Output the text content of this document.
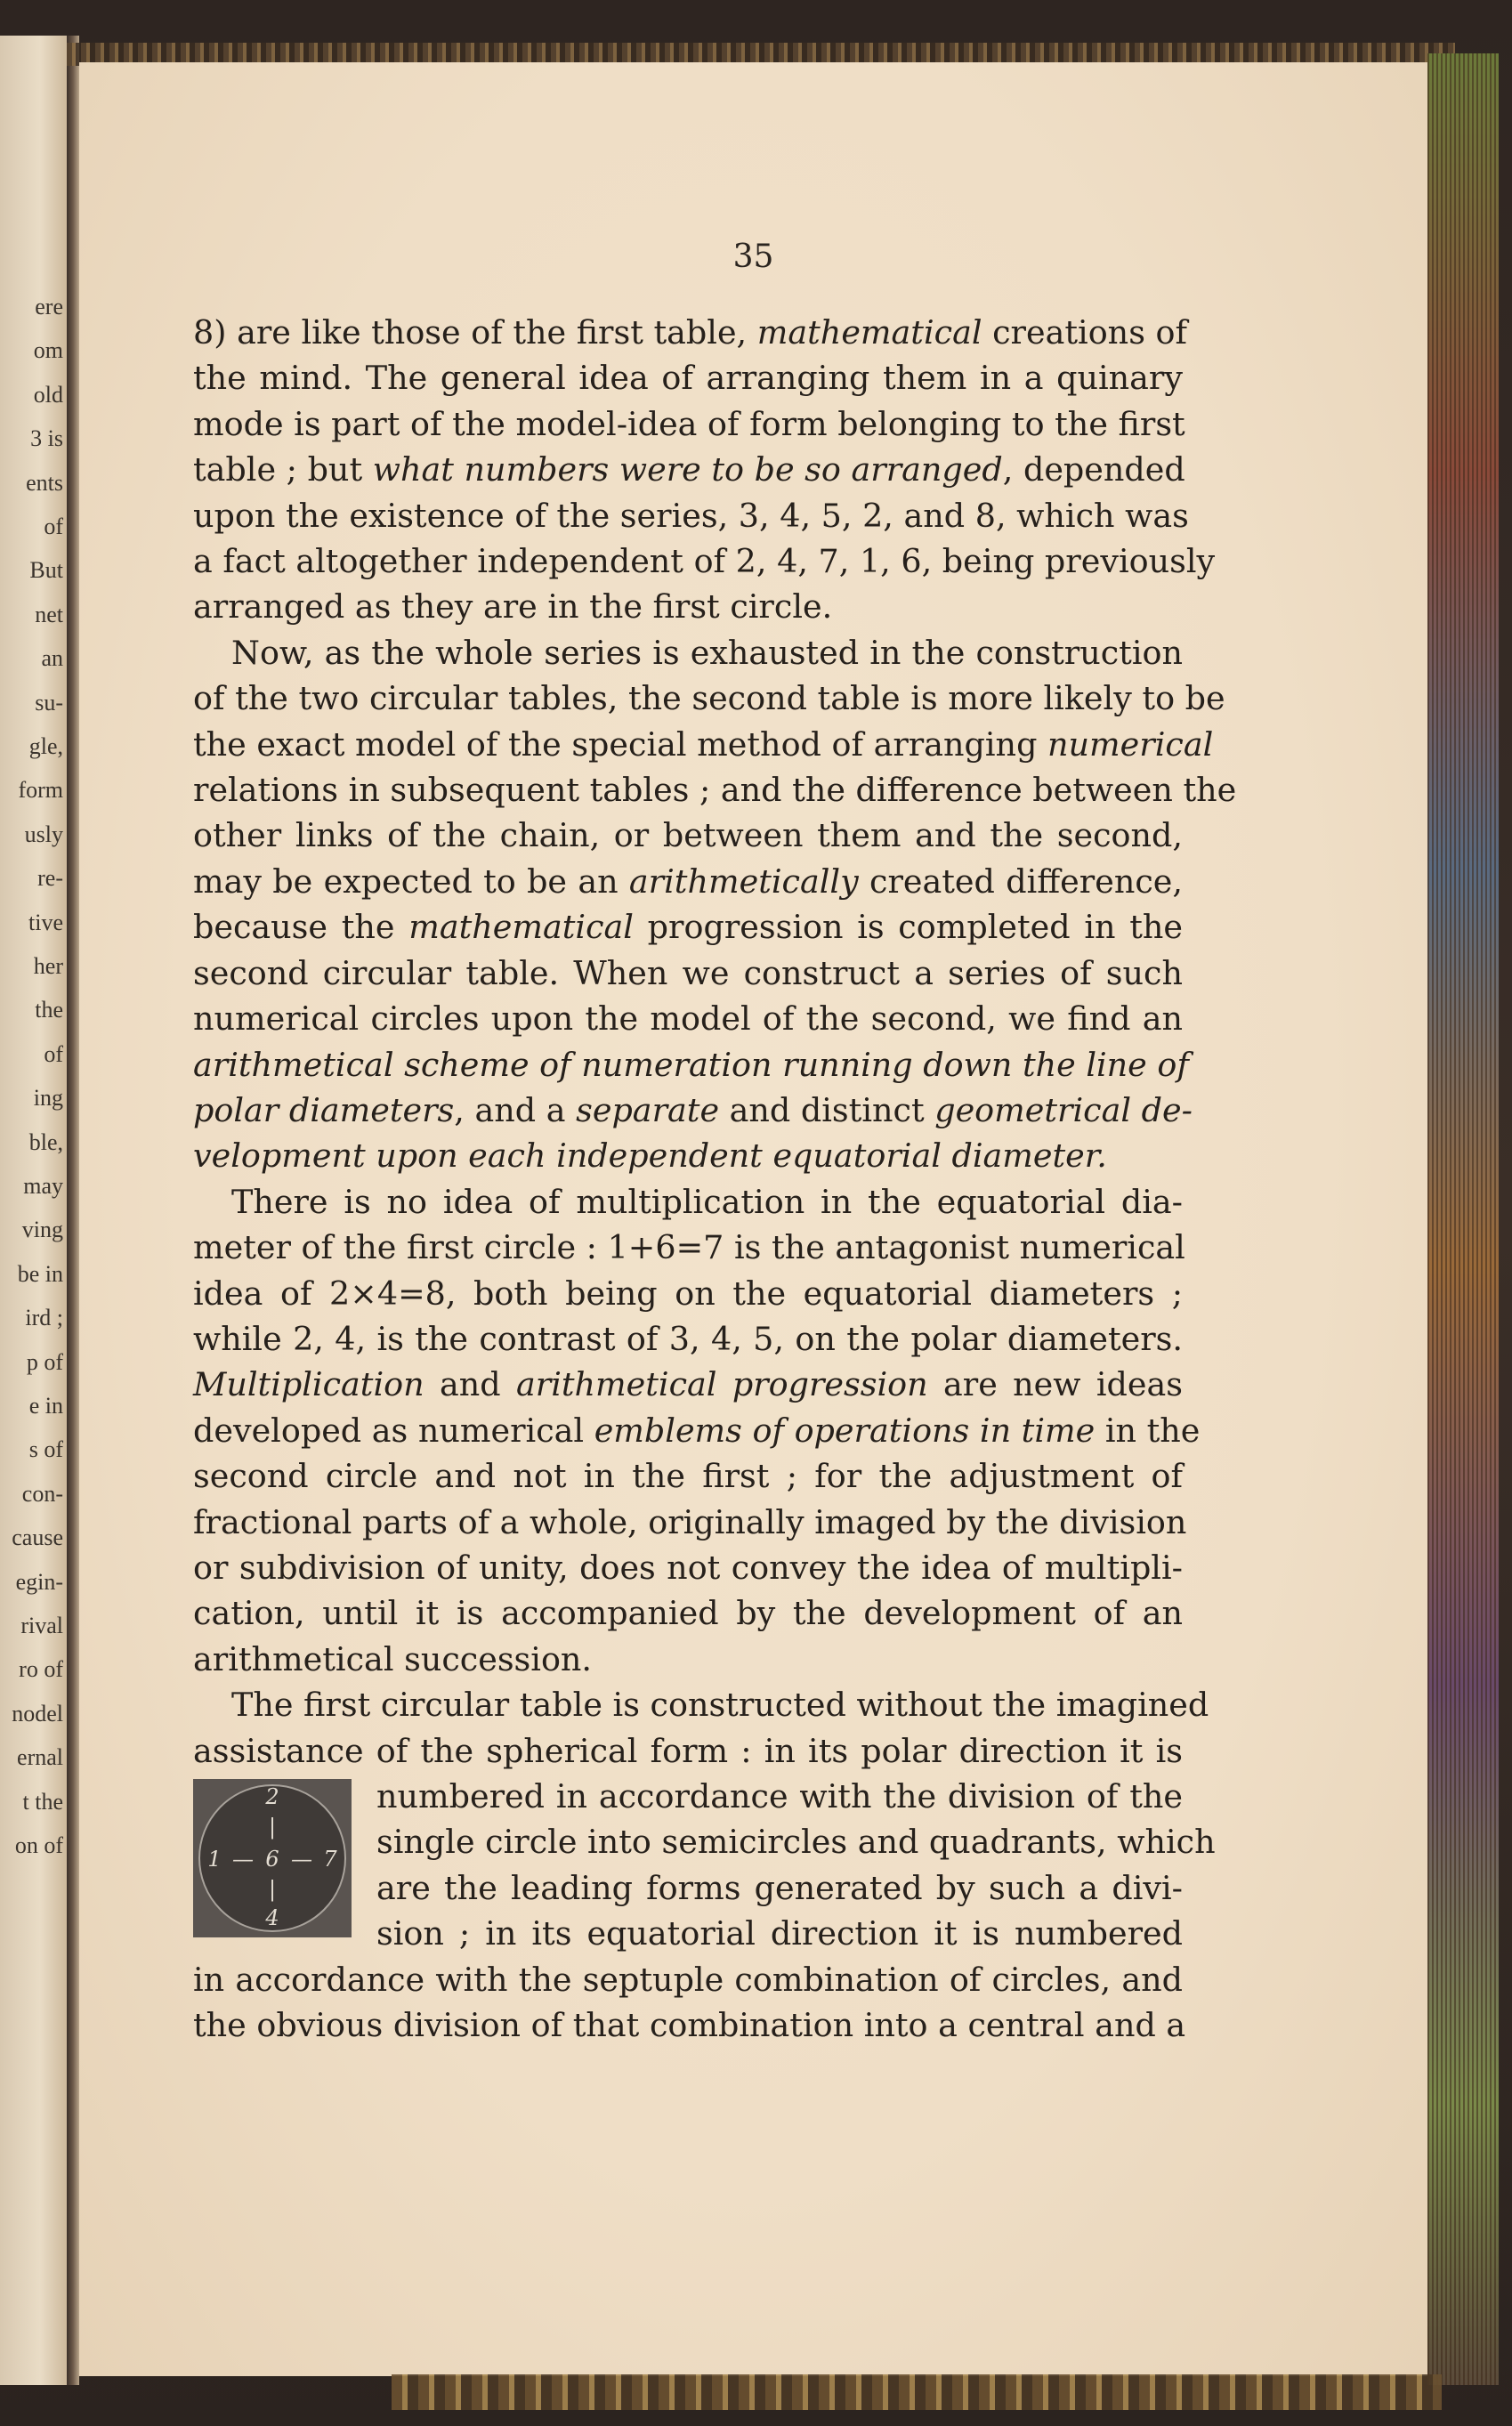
ere
om
old
3 is
ents
of
But
net
an
su-
gle,
form
usly
re-
tive
her
the
of
ing
ble,
may
ving
be in
ird ;
p of
e in
s of
con-
cause
egin-
rival
ro of
nodel
ernal
t the
on of

35

8) are like those of the first table, mathematical creations of
the mind. The general idea of arranging them in a quinary
mode is part of the model-idea of form belonging to the first
table ; but what numbers were to be so arranged, depended
upon the existence of the series, 3, 4, 5, 2, and 8, which was
a fact altogether independent of 2, 4, 7, 1, 6, being previously
arranged as they are in the first circle.
Now, as the whole series is exhausted in the construction
of the two circular tables, the second table is more likely to be
the exact model of the special method of arranging numerical
relations in subsequent tables ; and the difference between the
other links of the chain, or between them and the second,
may be expected to be an arithmetically created difference,
because the mathematical progression is completed in the
second circular table. When we construct a series of such
numerical circles upon the model of the second, we find an
arithmetical scheme of numeration running down the line of
polar diameters, and a separate and distinct geometrical de-
velopment upon each independent equatorial diameter.
There is no idea of multiplication in the equatorial dia-
meter of the first circle : 1+6=7 is the antagonist numerical
idea of 2×4=8, both being on the equatorial diameters ;
while 2, 4, is the contrast of 3, 4, 5, on the polar diameters.
Multiplication and arithmetical progression are new ideas
developed as numerical emblems of operations in time in the
second circle and not in the first ; for the adjustment of
fractional parts of a whole, originally imaged by the division
or subdivision of unity, does not convey the idea of multipli-
cation, until it is accompanied by the development of an
arithmetical succession.
The first circular table is constructed without the imagined
assistance of the spherical form : in its polar direction it is
2
|
1 — 6 — 7
|
4
numbered in accordance with the division of the
single circle into semicircles and quadrants, which
are the leading forms generated by such a divi-
sion ; in its equatorial direction it is numbered
in accordance with the septuple combination of circles, and
the obvious division of that combination into a central and a
